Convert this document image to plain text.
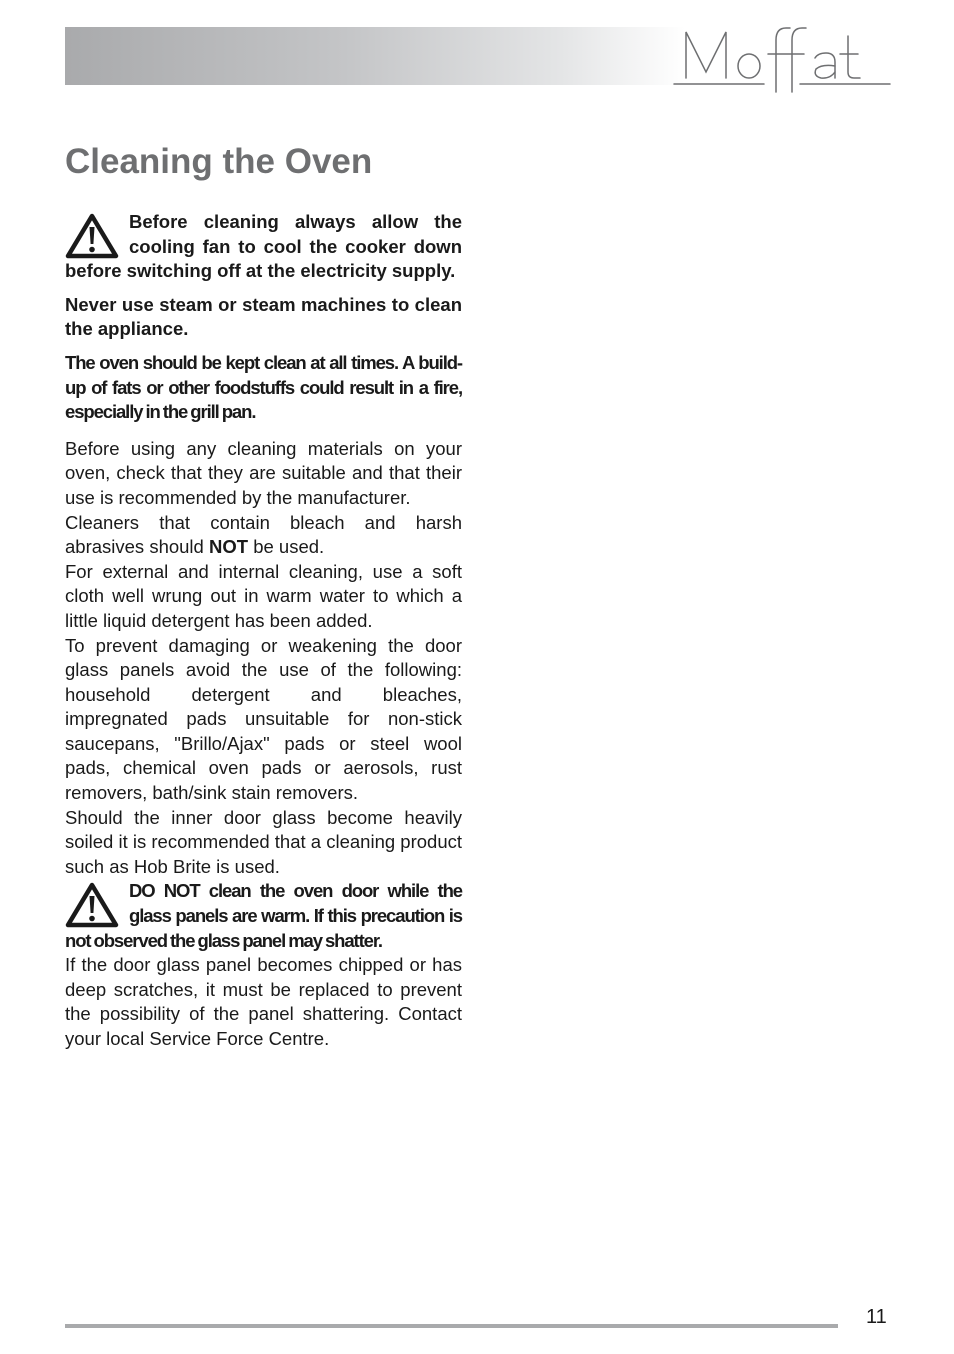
Cleaning the Oven

Before cleaning always allow the cooling fan to cool the cooker down before switching off at the electricity supply.

Never use steam or steam machines to clean the appliance.

The oven should be kept clean at all times. A build-up of fats or other foodstuffs could result in a fire, especially in the grill pan.

Before using any cleaning materials on your oven, check that they are suitable and that their use is recommended by the manufacturer.

Cleaners that contain bleach and harsh abrasives should NOT be used.

For external and internal cleaning, use a soft cloth well wrung out in warm water to which a little liquid detergent has been added.

To prevent damaging or weakening the door glass panels avoid the use of the following: household detergent and bleaches, impregnated pads unsuitable for non-stick saucepans, "Brillo/Ajax" pads or steel wool pads, chemical oven pads or aerosols, rust removers, bath/sink stain removers.

Should the inner door glass become heavily soiled it is recommended that a cleaning product such as Hob Brite is used.

DO NOT clean the oven door while the glass panels are warm. If this precaution is not observed the glass panel may shatter.

If the door glass panel becomes chipped or has deep scratches, it must be replaced to prevent the possibility of the panel shattering. Contact your local Service Force Centre.

11
